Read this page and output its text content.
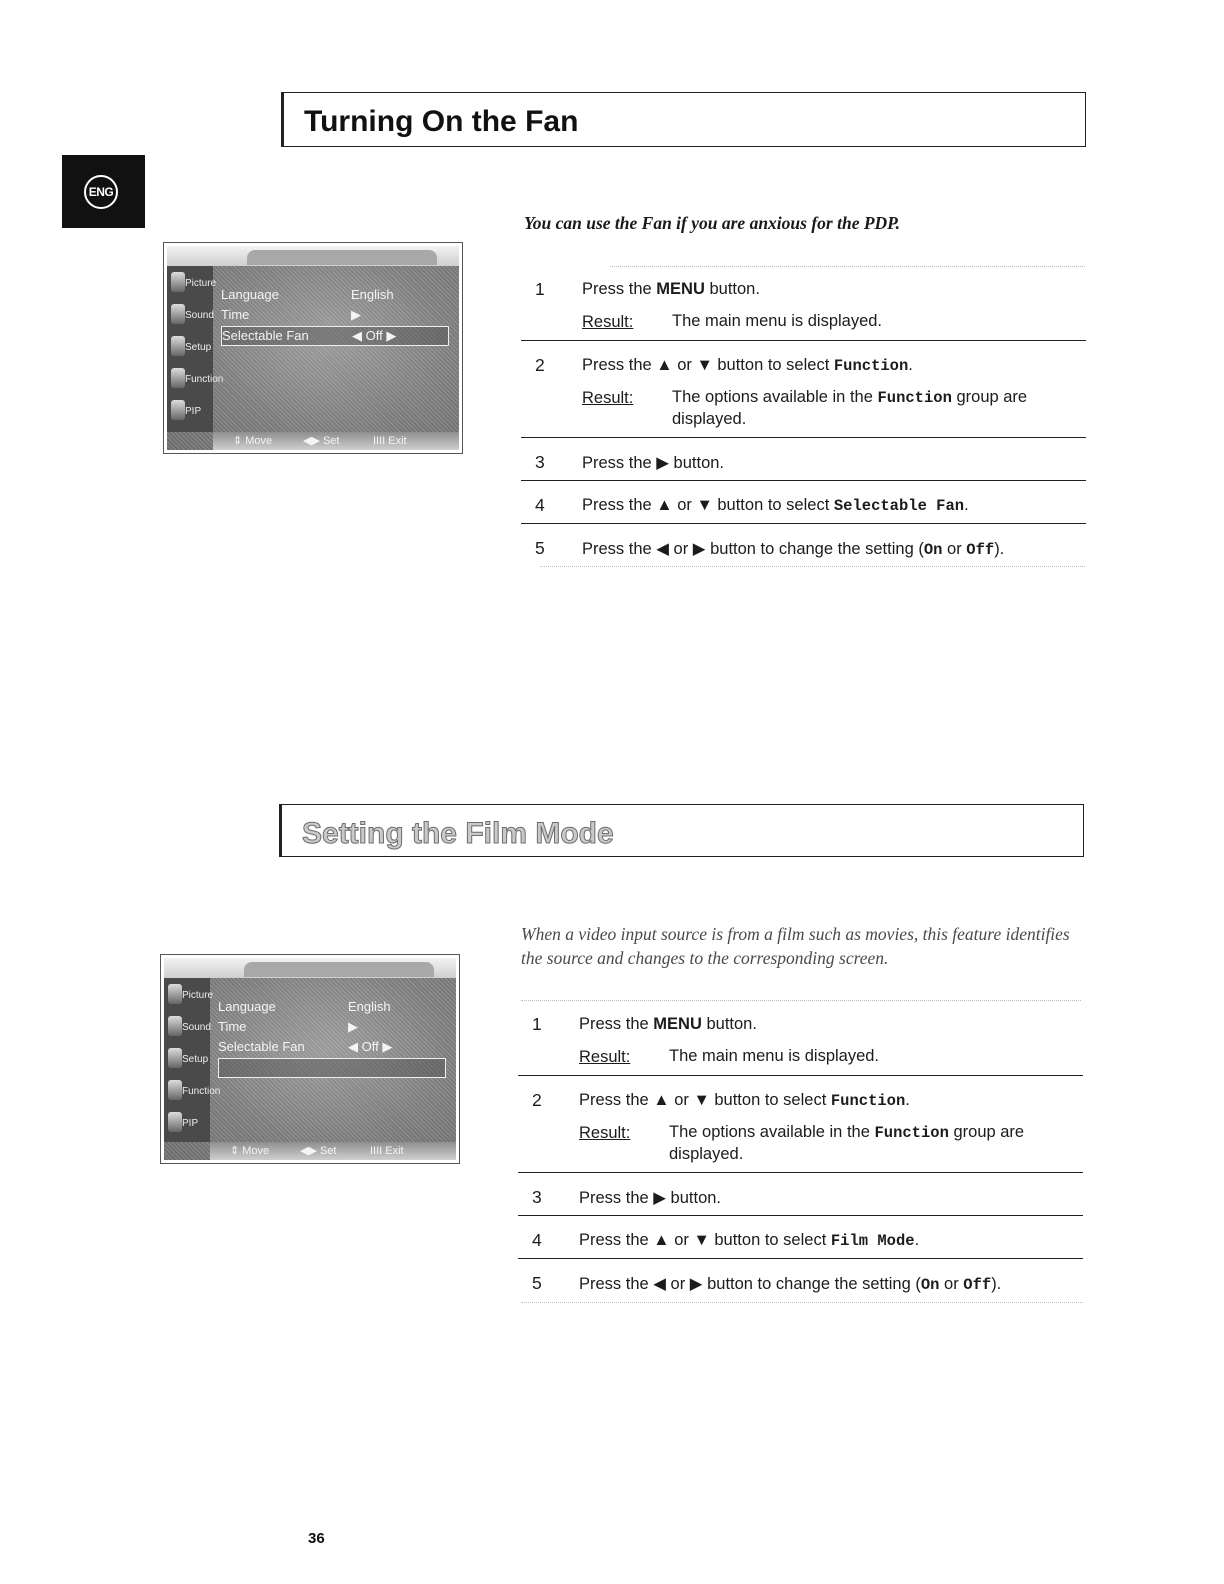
ENG
Turning On the Fan
Picture
Sound
Setup
Function
PIP
Language	English
Time	▶
Selectable Fan	◀ Off ▶
⇕ Move	◀▶ Set	IIII Exit
You can use the Fan if you are anxious for the PDP.
1 Press the MENU button.
Result: The main menu is displayed.
2 Press the ▲ or ▼ button to select Function.
Result: The options available in the Function group are displayed.
3 Press the ▶ button.
4 Press the ▲ or ▼ button to select Selectable Fan.
5 Press the ◀ or ▶ button to change the setting (On or Off).
Setting the Film Mode
Picture
Sound
Setup
Function
PIP
Language	English
Time	▶
Selectable Fan	◀ Off ▶
⇕ Move	◀▶ Set	IIII Exit
When a video input source is from a film such as movies, this feature identifies the source and changes to the corresponding screen.
1 Press the MENU button.
Result: The main menu is displayed.
2 Press the ▲ or ▼ button to select Function.
Result: The options available in the Function group are displayed.
3 Press the ▶ button.
4 Press the ▲ or ▼ button to select Film Mode.
5 Press the ◀ or ▶ button to change the setting (On or Off).
36
